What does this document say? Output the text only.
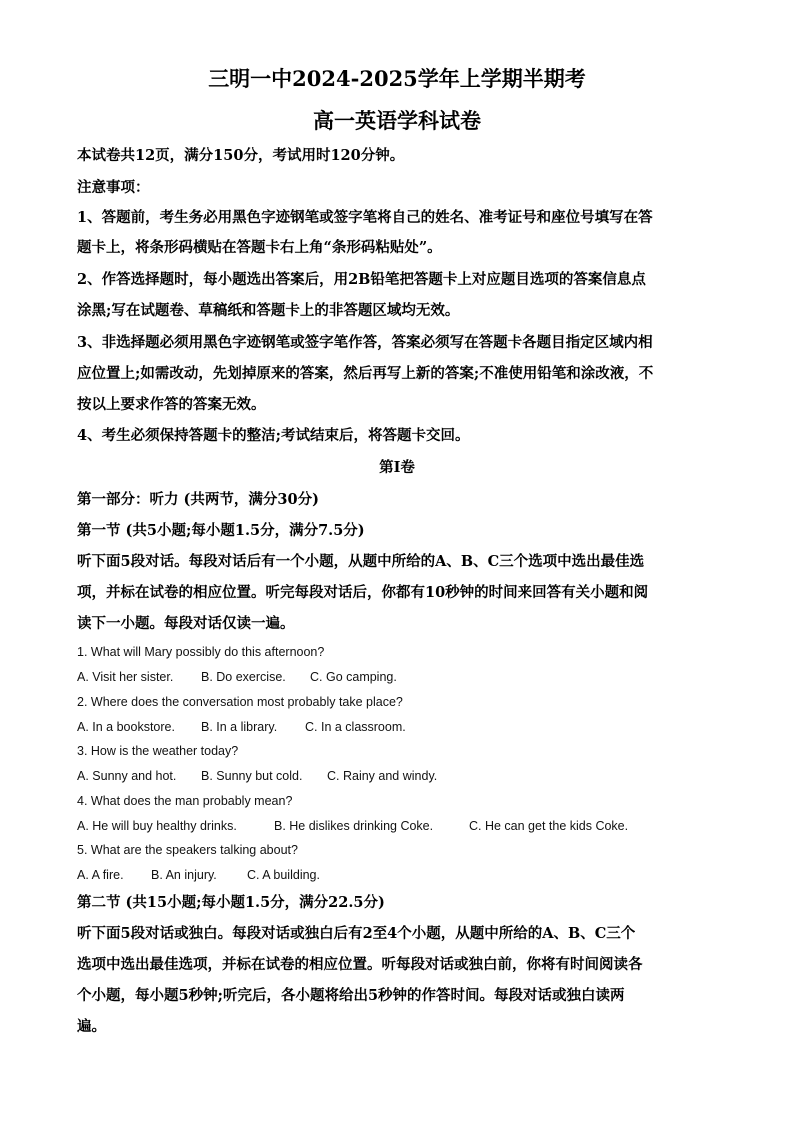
三明一中2024-2025学年上学期半期考
高一英语学科试卷
本试卷共12页，满分150分，考试用时120分钟。
注意事项：
1、答题前，考生务必用黑色字迹钢笔或签字笔将自己的姓名、准考证号和座位号填写在答
题卡上，将条形码横贴在答题卡右上角“条形码粘贴处”。
2、作答选择题时，每小题选出答案后，用2B铅笔把答题卡上对应题目选项的答案信息点
涂黑;写在试题卷、草稿纸和答题卡上的非答题区域均无效。
3、非选择题必须用黑色字迹钢笔或签字笔作答，答案必须写在答题卡各题目指定区域内相
应位置上;如需改动，先划掉原来的答案，然后再写上新的答案;不准使用铅笔和涂改液，不
按以上要求作答的答案无效。
4、考生必须保持答题卡的整洁;考试结束后，将答题卡交回。
第I卷
第一部分：听力 (共两节，满分30分)
第一节 (共5小题;每小题1.5分，满分7.5分)
听下面5段对话。每段对话后有一个小题，从题中所给的A、B、C三个选项中选出最佳选
项，并标在试卷的相应位置。听完每段对话后，你都有10秒钟的时间来回答有关小题和阅
读下一小题。每段对话仅读一遍。
1. What will Mary possibly do this afternoon?
A. Visit her sister. B. Do exercise. C. Go camping.
2. Where does the conversation most probably take place?
A. In a bookstore. B. In a library. C. In a classroom.
3. How is the weather today?
A. Sunny and hot. B. Sunny but cold. C. Rainy and windy.
4. What does the man probably mean?
A. He will buy healthy drinks.	B. He dislikes drinking Coke.	C. He can get the kids Coke.
5. What are the speakers talking about?
A. A fire. B. An injury. C. A building.
第二节 (共15小题;每小题1.5分，满分22.5分)
听下面5段对话或独白。每段对话或独白后有2至4个小题，从题中所给的A、B、C三个
选项中选出最佳选项，并标在试卷的相应位置。听每段对话或独白前，你将有时间阅读各
个小题，每小题5秒钟;听完后，各小题将给出5秒钟的作答时间。每段对话或独白读两
遍。
